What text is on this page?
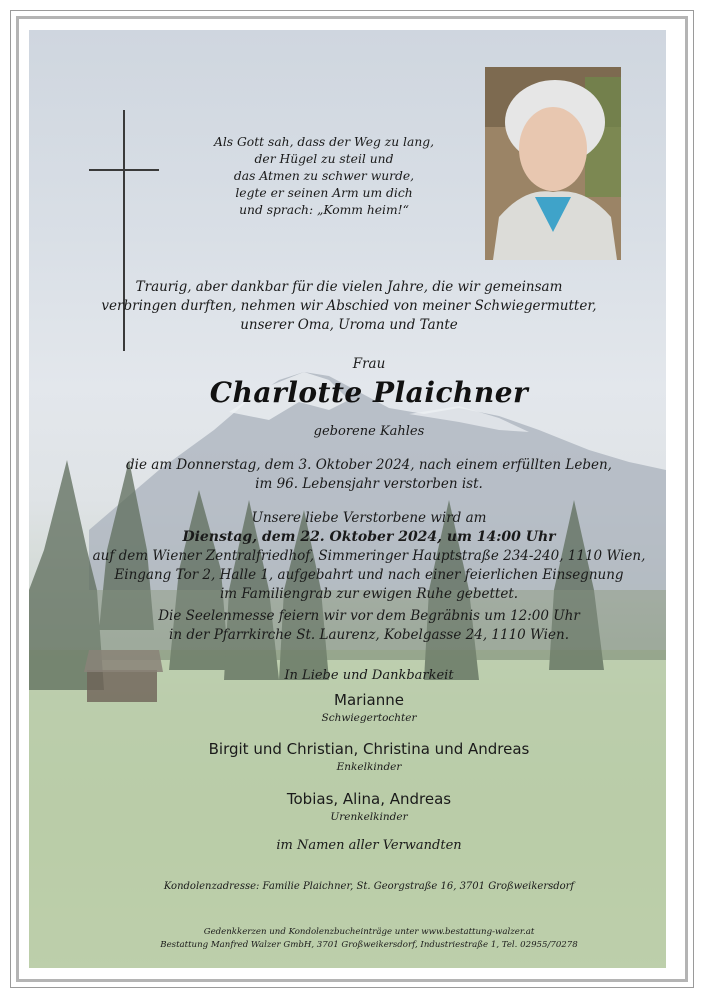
Als Gott sah, dass der Weg zu lang,
der Hügel zu steil und
das Atmen zu schwer wurde,
legte er seinen Arm um dich
und sprach: „Komm heim!“
Traurig, aber dankbar für die vielen Jahre, die wir gemeinsam
verbringen durften, nehmen wir Abschied von meiner Schwiegermutter,
unserer Oma, Uroma und Tante
Frau
Charlotte Plaichner
geborene Kahles
die am Donnerstag, dem 3. Oktober 2024, nach einem erfüllten Leben,
im 96. Lebensjahr verstorben ist.
Unsere liebe Verstorbene wird am
Dienstag, dem 22. Oktober 2024, um 14:00 Uhr
auf dem Wiener Zentralfriedhof, Simmeringer Hauptstraße 234-240, 1110 Wien,
Eingang Tor 2, Halle 1, aufgebahrt und nach einer feierlichen Einsegnung
im Familiengrab zur ewigen Ruhe gebettet.
Die Seelenmesse feiern wir vor dem Begräbnis um 12:00 Uhr
in der Pfarrkirche St. Laurenz, Kobelgasse 24, 1110 Wien.
In Liebe und Dankbarkeit
Marianne
Schwiegertochter
Birgit und Christian, Christina und Andreas
Enkelkinder
Tobias, Alina, Andreas
Urenkelkinder
im Namen aller Verwandten
Kondolenzadresse: Familie Plaichner, St. Georgstraße 16, 3701 Großweikersdorf
Gedenkkerzen und Kondolenzbucheinträge unter www.bestattung-walzer.at
Bestattung Manfred Walzer GmbH, 3701 Großweikersdorf, Industriestraße 1, Tel. 02955/70278
